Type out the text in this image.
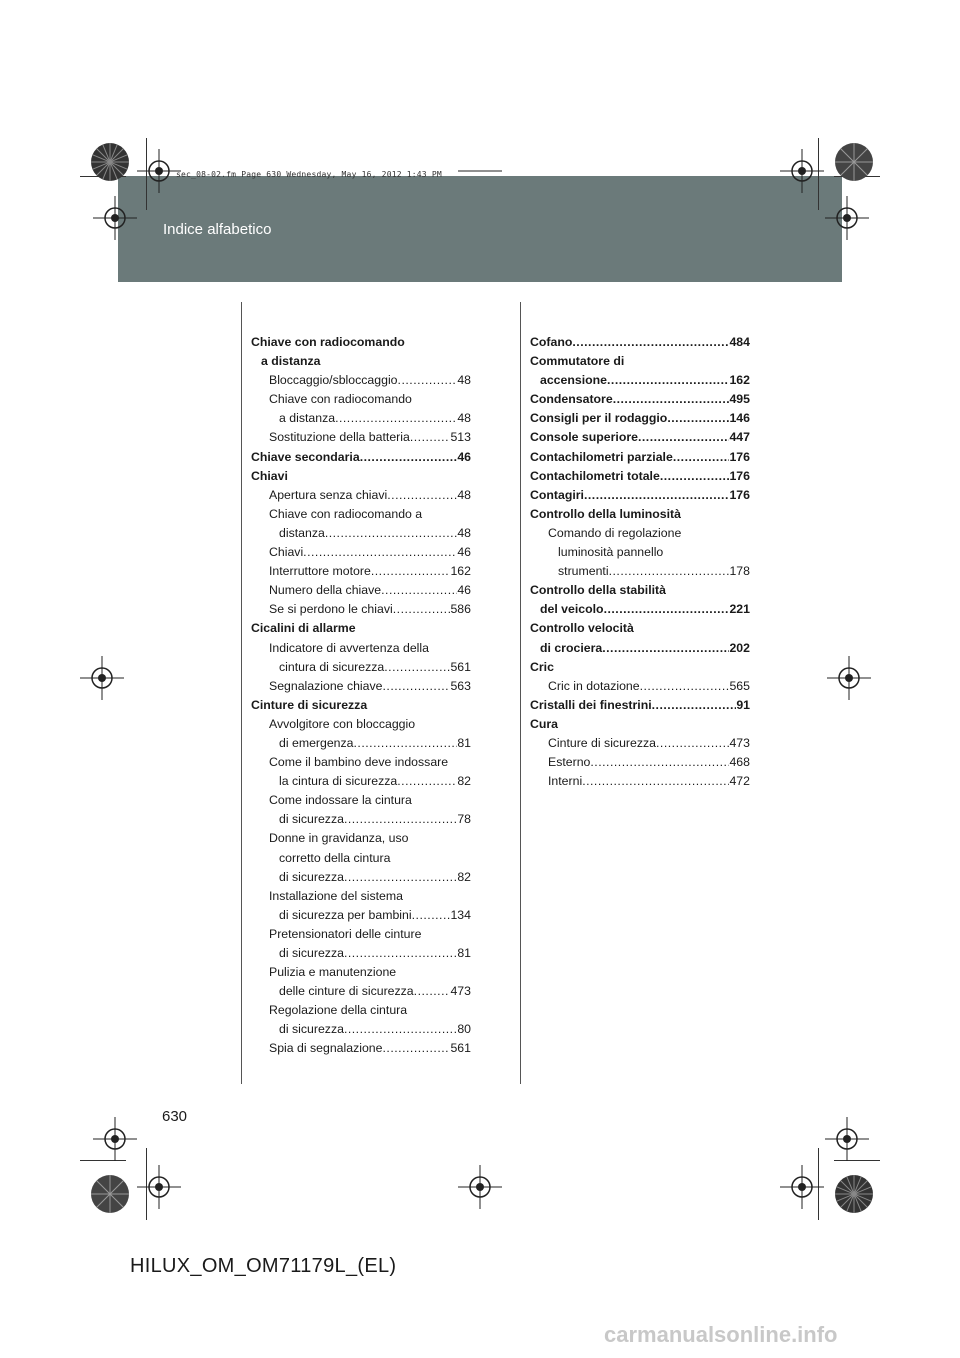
Indice alfabetico
sec_08-02.fm Page 630 Wednesday, May 16, 2012 1:43 PM
Chiave con radiocomando
a distanza
Bloccaggio/sbloccaggio .....	48
Chiave con radiocomando
a distanza .....	48
Sostituzione della batteria .....	513
Chiave secondaria .....	46
Chiavi
Apertura senza chiavi .....	48
Chiave con radiocomando a
distanza .....	48
Chiavi .....	46
Interruttore motore .....	162
Numero della chiave .....	46
Se si perdono le chiavi .....	586
Cicalini di allarme
Indicatore di avvertenza della
cintura di sicurezza .....	561
Segnalazione chiave .....	563
Cinture di sicurezza
Avvolgitore con bloccaggio
di emergenza .....	81
Come il bambino deve indossare
la cintura di sicurezza .....	82
Come indossare la cintura
di sicurezza .....	78
Donne in gravidanza, uso
corretto della cintura
di sicurezza .....	82
Installazione del sistema
di sicurezza per bambini .....	134
Pretensionatori delle cinture
di sicurezza .....	81
Pulizia e manutenzione
delle cinture di sicurezza .....	473
Regolazione della cintura
di sicurezza .....	80
Spia di segnalazione .....	561
Cofano .....	484
Commutatore di
accensione .....	162
Condensatore .....	495
Consigli per il rodaggio .....	146
Console superiore .....	447
Contachilometri parziale .....	176
Contachilometri totale .....	176
Contagiri .....	176
Controllo della luminosità
Comando di regolazione
luminosità pannello
strumenti .....	178
Controllo della stabilità
del veicolo .....	221
Controllo velocità
di crociera .....	202
Cric
Cric in dotazione .....	565
Cristalli dei finestrini .....	91
Cura
Cinture di sicurezza .....	473
Esterno .....	468
Interni .....	472
630
HILUX_OM_OM71179L_(EL)
carmanualsonline.info
